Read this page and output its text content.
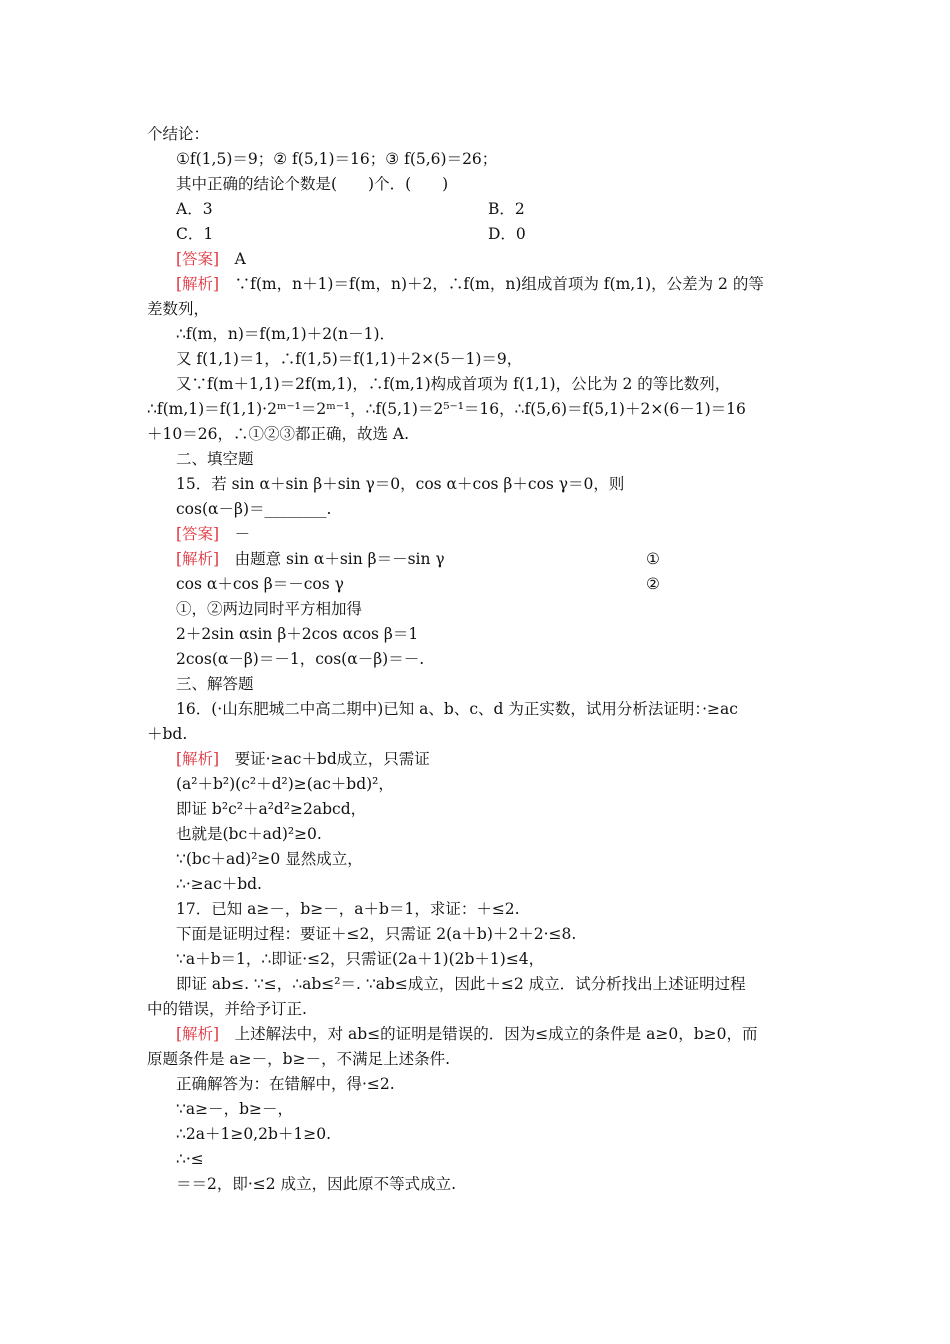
个结论：
①f(1,5)＝9；② f(5,1)＝16；③ f(5,6)＝26；
其中正确的结论个数是(　　)个．(　　)
A．3	B．2
C．1	D．0
[答案]　A
[解析]　∵f(m，n＋1)＝f(m，n)＋2，∴f(m，n)组成首项为 f(m,1)，公差为 2 的等
差数列，
∴f(m，n)＝f(m,1)＋2(n－1)．
又 f(1,1)＝1，∴f(1,5)＝f(1,1)＋2×(5－1)＝9，
又∵f(m＋1,1)＝2f(m,1)，∴f(m,1)构成首项为 f(1,1)，公比为 2 的等比数列，
∴f(m,1)＝f(1,1)·2ᵐ⁻¹＝2ᵐ⁻¹，∴f(5,1)＝2⁵⁻¹＝16，∴f(5,6)＝f(5,1)＋2×(6－1)＝16
＋10＝26，∴①②③都正确，故选 A.
二、填空题
15．若 sin α＋sin β＋sin γ＝0，cos α＋cos β＋cos γ＝0，则
cos(α－β)＝________.
[答案]　－
[解析]　由题意 sin α＋sin β＝－sin γ	①
cos α＋cos β＝－cos γ	②
①，②两边同时平方相加得
2＋2sin αsin β＋2cos αcos β＝1
2cos(α－β)＝－1，cos(α－β)＝－.
三、解答题
16．(·山东肥城二中高二期中)已知 a、b、c、d 为正实数，试用分析法证明：·≥ac
＋bd.
[解析]　要证·≥ac＋bd成立，只需证
(a²＋b²)(c²＋d²)≥(ac＋bd)²，
即证 b²c²＋a²d²≥2abcd，
也就是(bc＋ad)²≥0.
∵(bc＋ad)²≥0 显然成立，
∴·≥ac＋bd.
17．已知 a≥－，b≥－，a＋b＝1，求证：＋≤2.
下面是证明过程：要证＋≤2，只需证 2(a＋b)＋2＋2·≤8.
∵a＋b＝1，∴即证·≤2，只需证(2a＋1)(2b＋1)≤4，
即证 ab≤. ∵≤，∴ab≤²＝. ∵ab≤成立，因此＋≤2 成立．试分析找出上述证明过程
中的错误，并给予订正.
[解析]　上述解法中，对 ab≤的证明是错误的．因为≤成立的条件是 a≥0，b≥0，而
原题条件是 a≥－，b≥－，不满足上述条件.
正确解答为：在错解中，得·≤2.
∵a≥－，b≥－，
∴2a＋1≥0,2b＋1≥0.
∴·≤
＝＝2，即·≤2 成立，因此原不等式成立.
